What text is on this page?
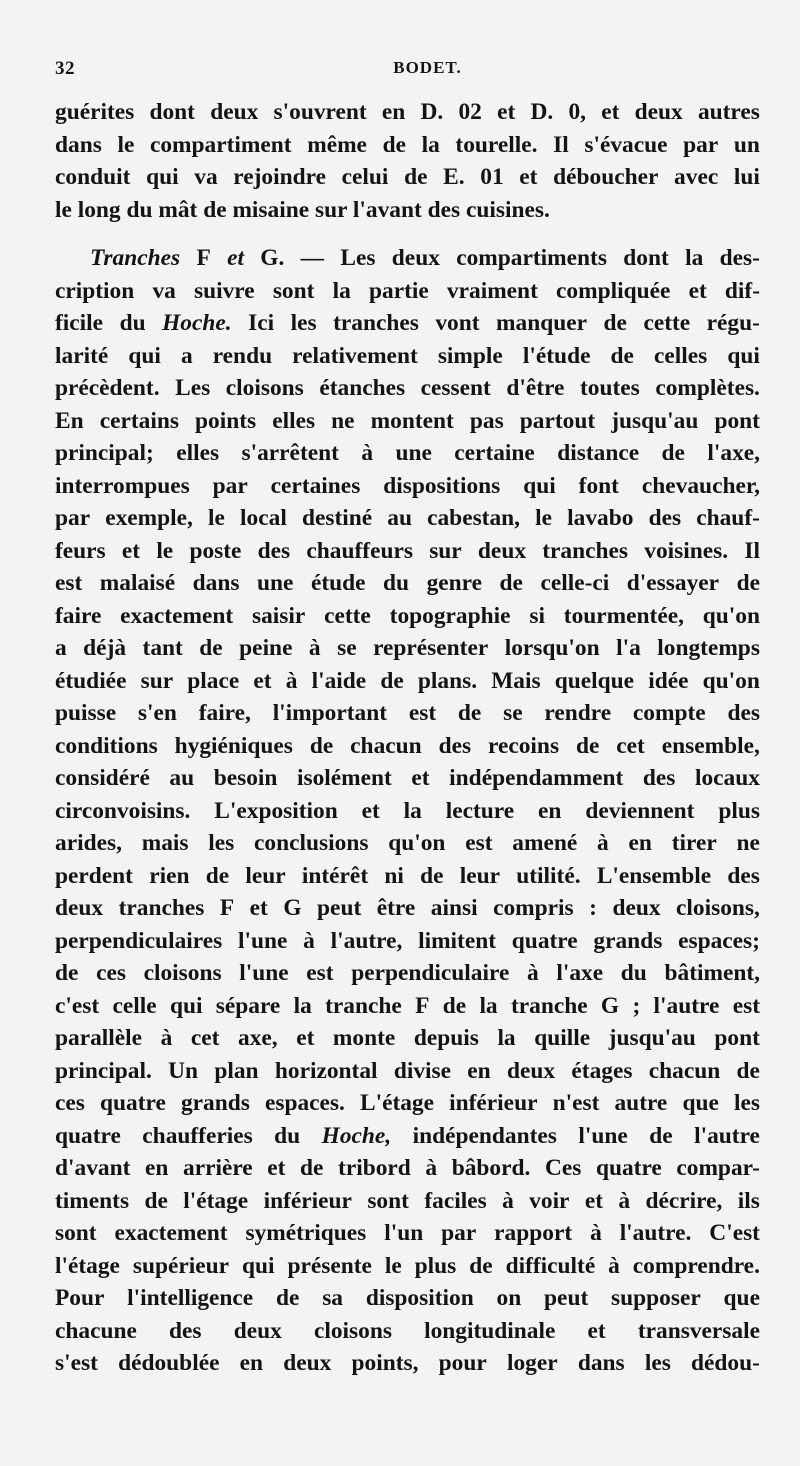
32	BODET.
guérites dont deux s'ouvrent en D. 02 et D. 0, et deux autres
dans le compartiment même de la tourelle. Il s'évacue par un
conduit qui va rejoindre celui de E. 01 et déboucher avec lui
le long du mât de misaine sur l'avant des cuisines.
Tranches F et G. — Les deux compartiments dont la des-
cription va suivre sont la partie vraiment compliquée et dif-
ficile du Hoche. Ici les tranches vont manquer de cette régu-
larité qui a rendu relativement simple l'étude de celles qui
précèdent. Les cloisons étanches cessent d'être toutes complètes.
En certains points elles ne montent pas partout jusqu'au pont
principal; elles s'arrêtent à une certaine distance de l'axe,
interrompues par certaines dispositions qui font chevaucher,
par exemple, le local destiné au cabestan, le lavabo des chauf-
feurs et le poste des chauffeurs sur deux tranches voisines. Il
est malaisé dans une étude du genre de celle-ci d'essayer de
faire exactement saisir cette topographie si tourmentée, qu'on
a déjà tant de peine à se représenter lorsqu'on l'a longtemps
étudiée sur place et à l'aide de plans. Mais quelque idée qu'on
puisse s'en faire, l'important est de se rendre compte des
conditions hygiéniques de chacun des recoins de cet ensemble,
considéré au besoin isolément et indépendamment des locaux
circonvoisins. L'exposition et la lecture en deviennent plus
arides, mais les conclusions qu'on est amené à en tirer ne
perdent rien de leur intérêt ni de leur utilité. L'ensemble des
deux tranches F et G peut être ainsi compris : deux cloisons,
perpendiculaires l'une à l'autre, limitent quatre grands espaces;
de ces cloisons l'une est perpendiculaire à l'axe du bâtiment,
c'est celle qui sépare la tranche F de la tranche G ; l'autre est
parallèle à cet axe, et monte depuis la quille jusqu'au pont
principal. Un plan horizontal divise en deux étages chacun de
ces quatre grands espaces. L'étage inférieur n'est autre que les
quatre chaufferies du Hoche, indépendantes l'une de l'autre
d'avant en arrière et de tribord à bâbord. Ces quatre compar-
timents de l'étage inférieur sont faciles à voir et à décrire, ils
sont exactement symétriques l'un par rapport à l'autre. C'est
l'étage supérieur qui présente le plus de difficulté à comprendre.
Pour l'intelligence de sa disposition on peut supposer que
chacune des deux cloisons longitudinale et transversale
s'est dédoublée en deux points, pour loger dans les dédou-
